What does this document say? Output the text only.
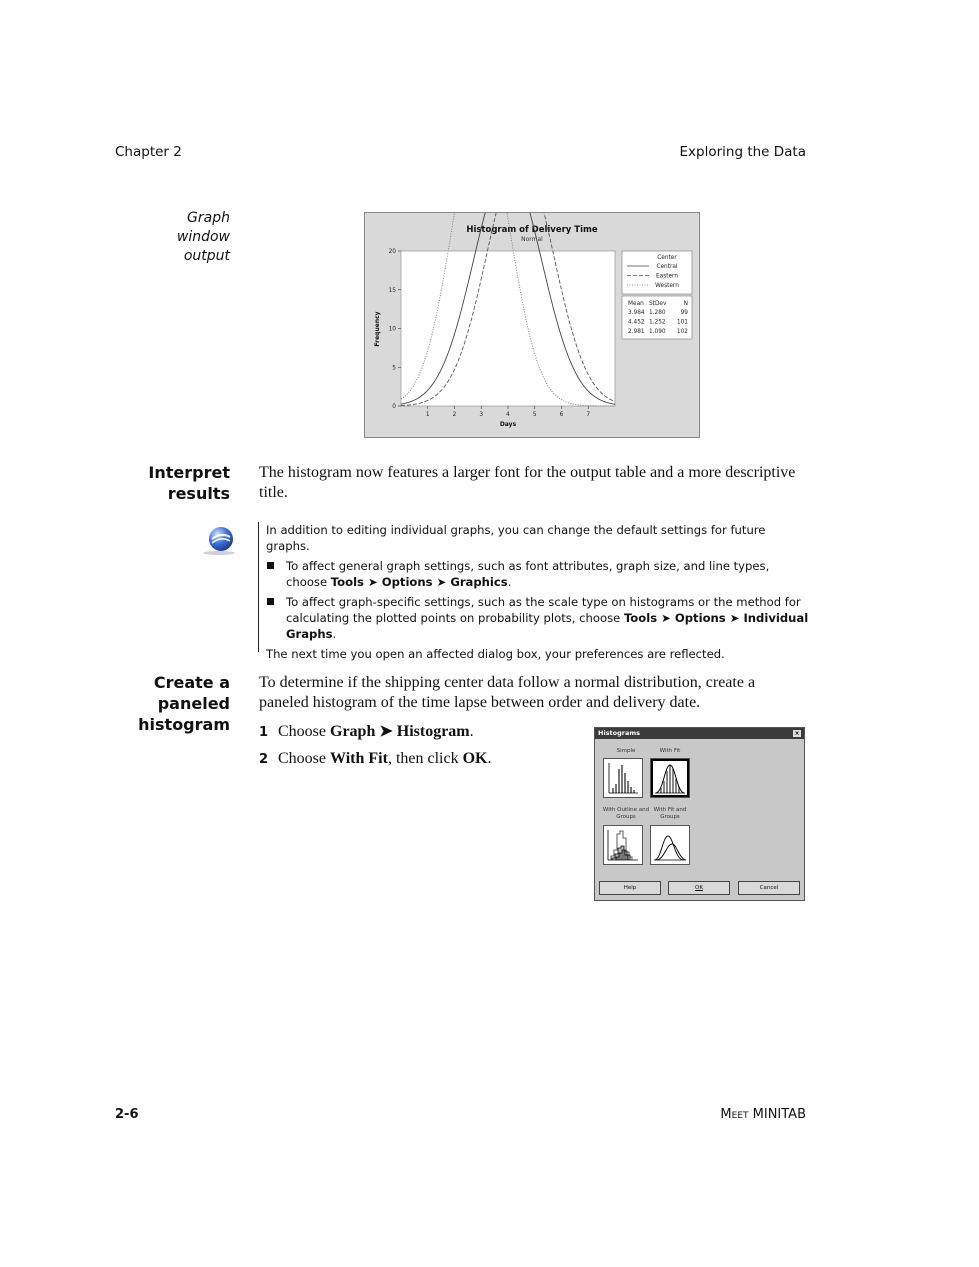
Chapter 2	Exploring the Data
Graph
window
output
Histogram of Delivery Time
Normal
0
5
10
15
20
1	2	3	4	5	6	7
Frequency
Days
Center
Central
Eastern
Western
Mean StDev	N
3.984 1.280	99
4.452 1.252 101
2.981 1.090 102
Interpret
results
The histogram now features a larger font for the output table and a more descriptive title.

In addition to editing individual graphs, you can change the default settings for future graphs.

To affect general graph settings, such as font attributes, graph size, and line types, choose Tools ➤ Options ➤ Graphics.
To affect graph-specific settings, such as the scale type on histograms or the method for calculating the plotted points on probability plots, choose Tools ➤ Options ➤ Individual Graphs.

The next time you open an affected dialog box, your preferences are reflected.

Create a
paneled
histogram
To determine if the shipping center data follow a normal distribution, create a paneled histogram of the time lapse between order and delivery date.
1 Choose Graph ➤ Histogram.
2 Choose With Fit, then click OK.
Histograms	×
Simple	With Fit
With Outline and Groups
With Fit and Groups
Help	OK	Cancel
2-6	Meet MINITAB
